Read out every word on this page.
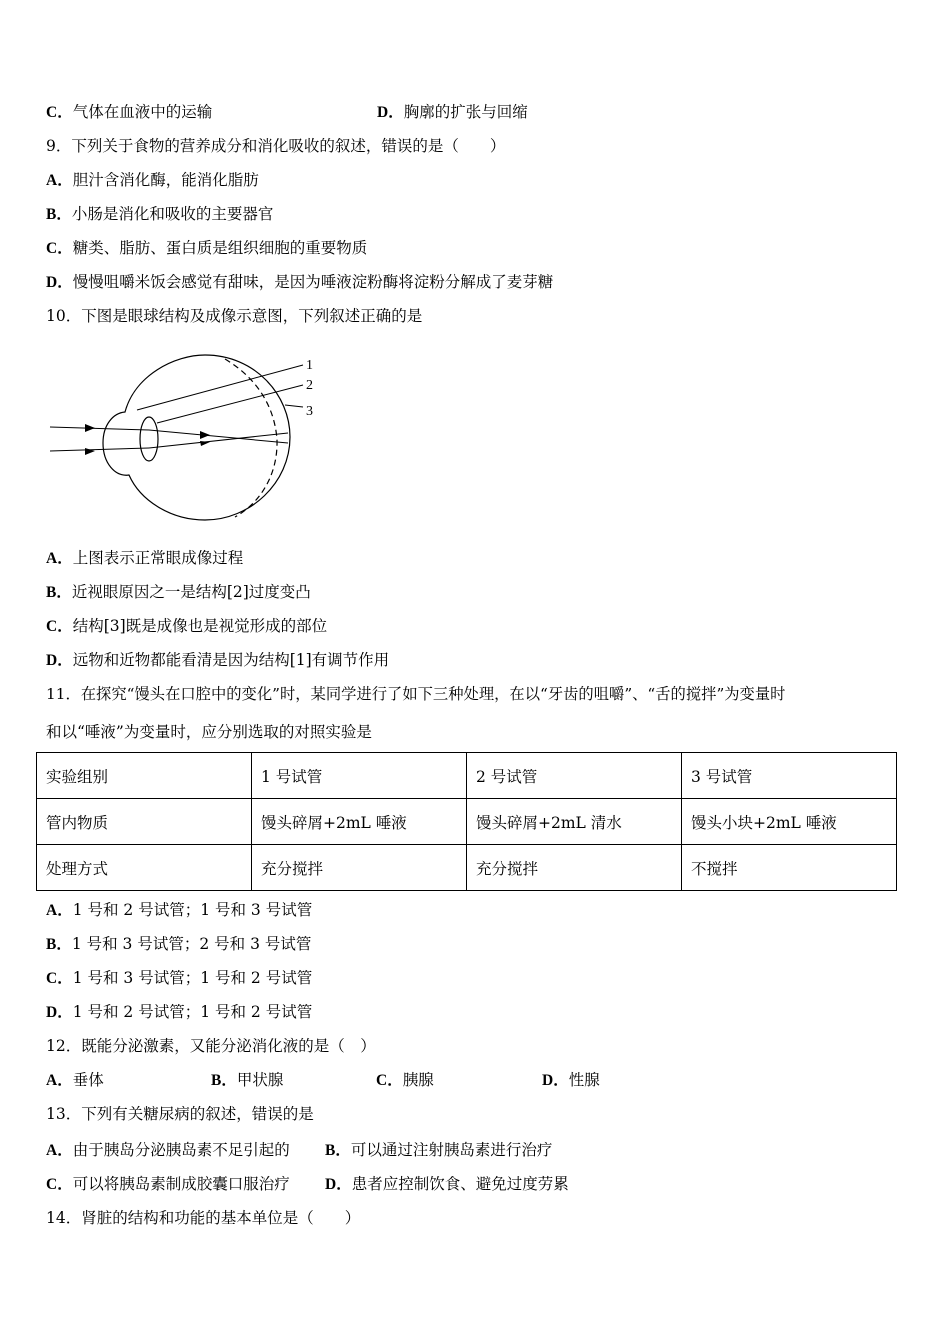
C．气体在血液中的运输	D．胸廓的扩张与回缩
9．下列关于食物的营养成分和消化吸收的叙述，错误的是（　　）
A．胆汁含消化酶，能消化脂肪
B．小肠是消化和吸收的主要器官
C．糖类、脂肪、蛋白质是组织细胞的重要物质
D．慢慢咀嚼米饭会感觉有甜味，是因为唾液淀粉酶将淀粉分解成了麦芽糖
10．下图是眼球结构及成像示意图，下列叙述正确的是
1
2
3
A．上图表示正常眼成像过程
B．近视眼原因之一是结构[2]过度变凸
C．结构[3]既是成像也是视觉形成的部位
D．远物和近物都能看清是因为结构[1]有调节作用
11．在探究“馒头在口腔中的变化”时，某同学进行了如下三种处理，在以“牙齿的咀嚼”、“舌的搅拌”为变量时
和以“唾液”为变量时，应分别选取的对照实验是
实验组别	1 号试管	2 号试管	3 号试管
管内物质	馒头碎屑+2mL 唾液	馒头碎屑+2mL 清水	馒头小块+2mL 唾液
处理方式	充分搅拌	充分搅拌	不搅拌
A．1 号和 2 号试管；1 号和 3 号试管
B．1 号和 3 号试管；2 号和 3 号试管
C．1 号和 3 号试管；1 号和 2 号试管
D．1 号和 2 号试管；1 号和 2 号试管
12．既能分泌激素，又能分泌消化液的是（　）
A．垂体	B．甲状腺	C．胰腺	D．性腺
13．下列有关糖尿病的叙述，错误的是
A．由于胰岛分泌胰岛素不足引起的 B．可以通过注射胰岛素进行治疗
C．可以将胰岛素制成胶囊口服治疗 D．患者应控制饮食、避免过度劳累
14．肾脏的结构和功能的基本单位是（　　）
